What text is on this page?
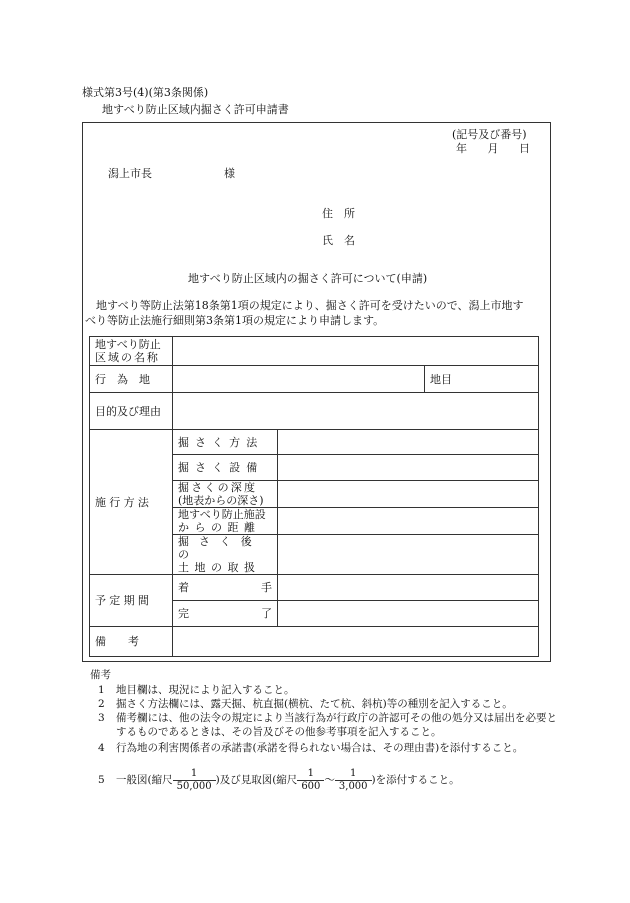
様式第3号(4)(第3条関係)
地すべり防止区域内掘さく許可申請書
(記号及び番号)
年 月 日
潟上市長	様
住　所
氏　名
地すべり防止区域内の掘さく許可について(申請)
地すべり等防止法第18条第1項の規定により、掘さく許可を受けたいので、潟上市地す
べり等防止法施行細則第3条第1項の規定により申請します。
地すべり防止
区域の名称			

行　為　地			地目
目的及び理由			
施行方法	掘さく方法		
	掘さく設備		

	掘さくの深度
(地表からの深さ)		

	地すべり防止施設
からの距離		

	掘さく後の
土地の取扱		

予定期間	着 手		

	完 了		

備　　考			
備考
1 地目欄は、現況により記入すること。
2 掘さく方法欄には、露天掘、杭直掘(横杭、たて杭、斜杭)等の種別を記入すること。
3 備考欄には、他の法令の規定により当該行為が行政庁の許認可その他の処分又は届出を必要とするものであるときは、その旨及びその他参考事項を記入すること。
4 行為地の利害関係者の承諾書(承諾を得られない場合は、その理由書)を添付すること。
5 一般図(縮尺 $\frac{1}{50,000}$ )及び見取図(縮尺 $\frac{1}{600}$ 〜 $\frac{1}{3,000}$ )を添付すること。
